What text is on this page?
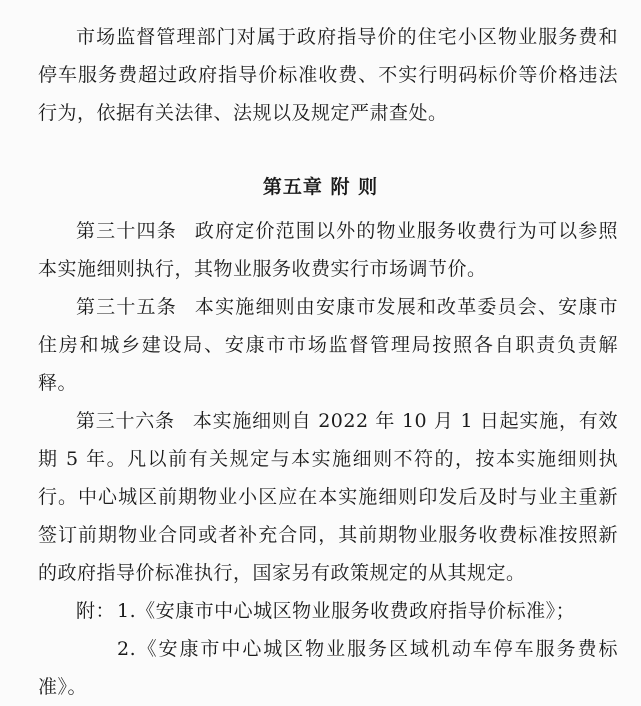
市场监督管理部门对属于政府指导价的住宅小区物业服务费和停车服务费超过政府指导价标准收费、不实行明码标价等价格违法行为，依据有关法律、法规以及规定严肃查处。

第五章 附 则

第三十四条 政府定价范围以外的物业服务收费行为可以参照本实施细则执行，其物业服务收费实行市场调节价。

第三十五条 本实施细则由安康市发展和改革委员会、安康市住房和城乡建设局、安康市市场监督管理局按照各自职责负责解释。

第三十六条 本实施细则自 2022 年 10 月 1 日起实施，有效期 5 年。凡以前有关规定与本实施细则不符的，按本实施细则执行。中心城区前期物业小区应在本实施细则印发后及时与业主重新签订前期物业合同或者补充合同，其前期物业服务收费标准按照新的政府指导价标准执行，国家另有政策规定的从其规定。

附： 1.《安康市中心城区物业服务收费政府指导价标准》；

2.《安康市中心城区物业服务区域机动车停车服务费标准》。
